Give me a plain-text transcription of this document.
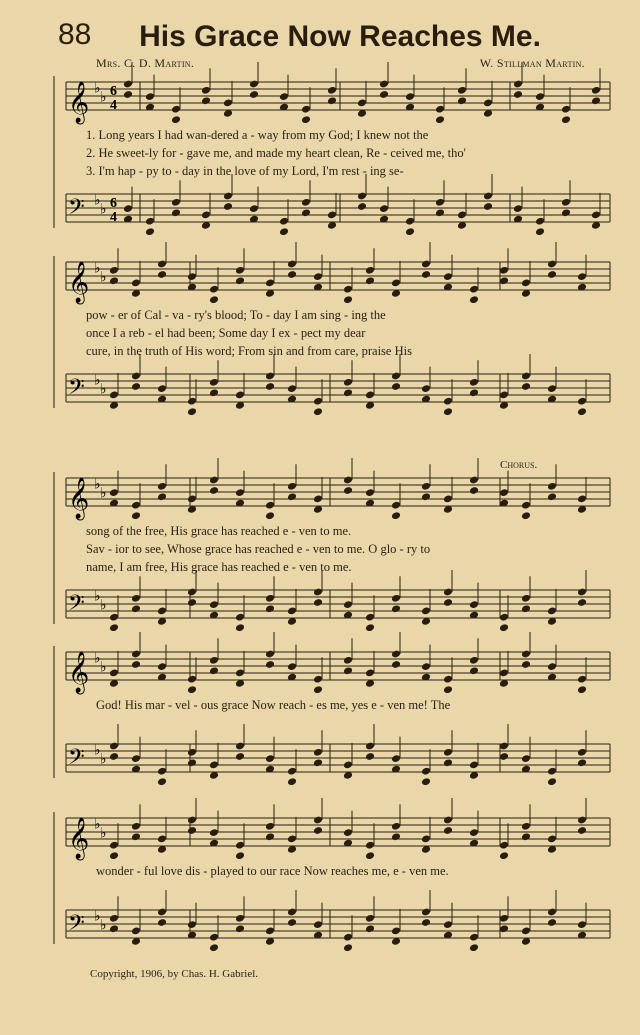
88	His Grace Now Reaches Me.
Mrs. C. D. Martin.	W. Stillman Martin.
𝄞 ♭
♭
𝄢 ♭
♭
6
6
4
4
𝄞 ♭
♭
𝄢 ♭
♭
𝄞 ♭
♭
𝄢 ♭
♭
𝄞 ♭
♭
𝄢 ♭
♭
𝄞 ♭
♭
𝄢 ♭
♭
Chorus.
Copyright, 1906, by Chas. H. Gabriel.
1. Long years I had wan-dered a - way from my God; I knew not the
2. He sweet-ly for - gave me, and made my heart clean, Re - ceived me, tho'
3. I'm hap - py to - day in the love of my Lord, I'm rest - ing se-
pow - er of Cal - va - ry's blood; To - day I am sing - ing the
once I a reb - el had been; Some day I ex - pect my dear
cure, in the truth of His word; From sin and from care, praise His
song of the free, His grace has reached e - ven to me.
Sav - ior to see, Whose grace has reached e - ven to me. O glo - ry to
name, I am free, His grace has reached e - ven to me.
God! His mar - vel - ous grace Now reach - es me, yes e - ven me! The
wonder - ful love dis - played to our race Now reaches me, e - ven me.
